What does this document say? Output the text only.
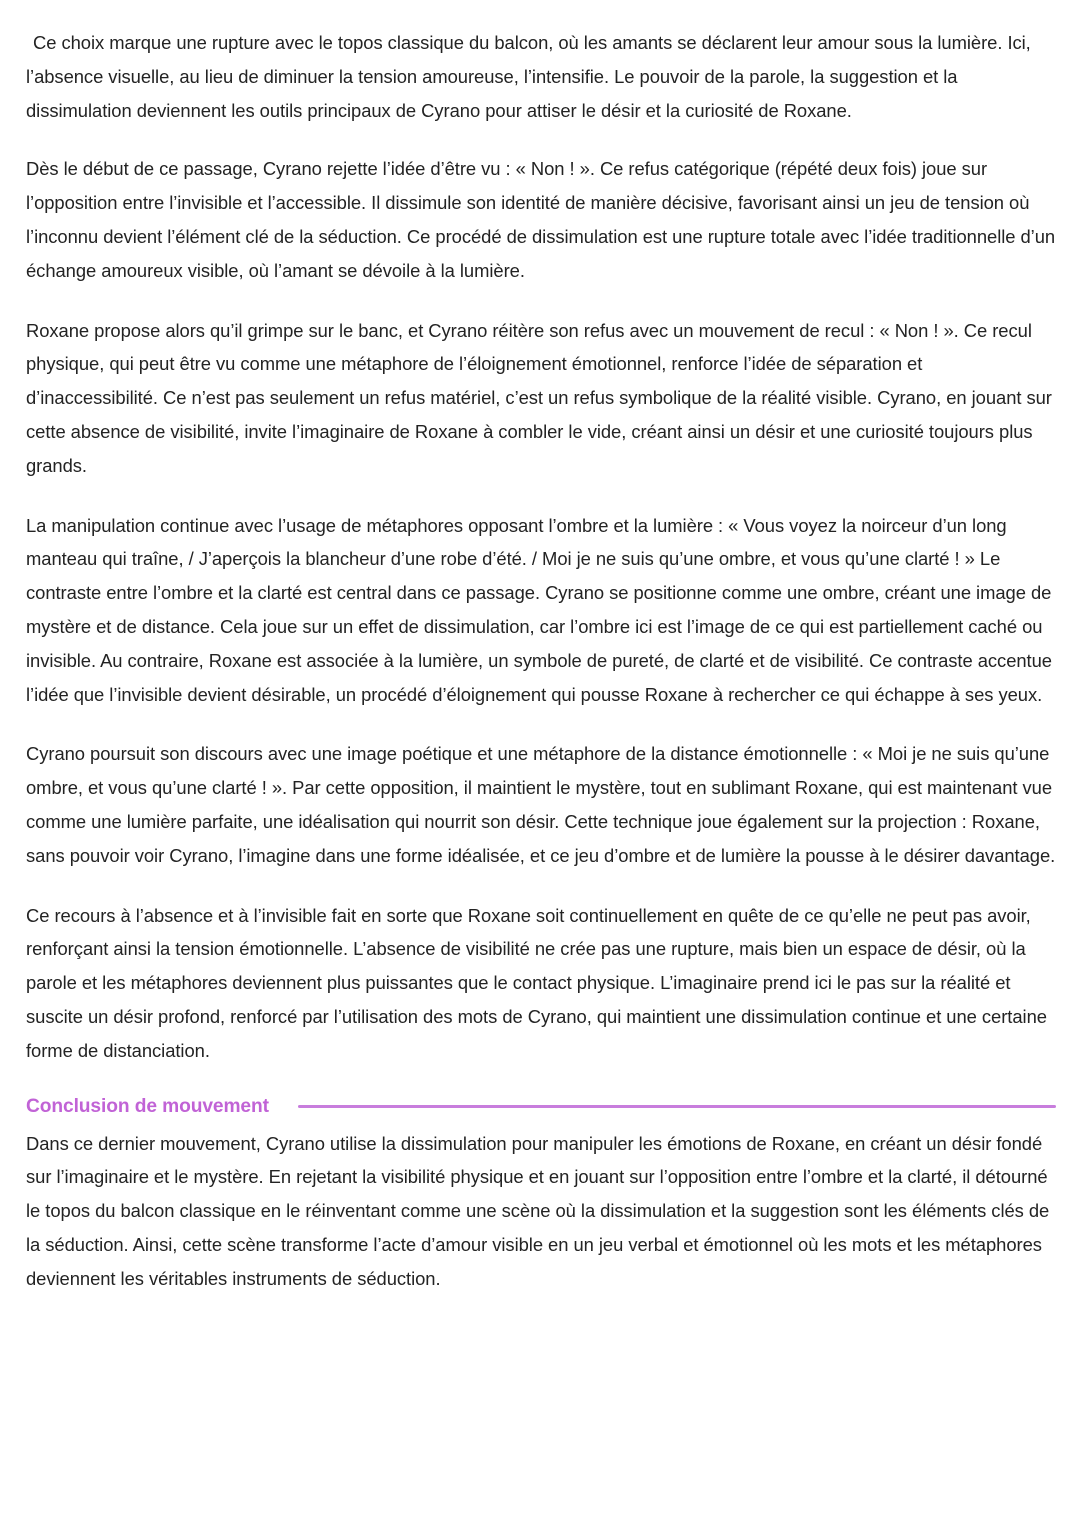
Ce choix marque une rupture avec le topos classique du balcon, où les amants se déclarent leur amour sous la lumière. Ici, l’absence visuelle, au lieu de diminuer la tension amoureuse, l’intensifie. Le pouvoir de la parole, la suggestion et la dissimulation deviennent les outils principaux de Cyrano pour attiser le désir et la curiosité de Roxane.

Dès le début de ce passage, Cyrano rejette l’idée d’être vu : « Non ! ». Ce refus catégorique (répété deux fois) joue sur l’opposition entre l’invisible et l’accessible. Il dissimule son identité de manière décisive, favorisant ainsi un jeu de tension où l’inconnu devient l’élément clé de la séduction. Ce procédé de dissimulation est une rupture totale avec l’idée traditionnelle d’un échange amoureux visible, où l’amant se dévoile à la lumière.

Roxane propose alors qu’il grimpe sur le banc, et Cyrano réitère son refus avec un mouvement de recul : « Non ! ». Ce recul physique, qui peut être vu comme une métaphore de l’éloignement émotionnel, renforce l’idée de séparation et d’inaccessibilité. Ce n’est pas seulement un refus matériel, c’est un refus symbolique de la réalité visible. Cyrano, en jouant sur cette absence de visibilité, invite l’imaginaire de Roxane à combler le vide, créant ainsi un désir et une curiosité toujours plus grands.

La manipulation continue avec l’usage de métaphores opposant l’ombre et la lumière : « Vous voyez la noirceur d’un long manteau qui traîne, / J’aperçois la blancheur d’une robe d’été. / Moi je ne suis qu’une ombre, et vous qu’une clarté ! » Le contraste entre l’ombre et la clarté est central dans ce passage. Cyrano se positionne comme une ombre, créant une image de mystère et de distance. Cela joue sur un effet de dissimulation, car l’ombre ici est l’image de ce qui est partiellement caché ou invisible. Au contraire, Roxane est associée à la lumière, un symbole de pureté, de clarté et de visibilité. Ce contraste accentue l’idée que l’invisible devient désirable, un procédé d’éloignement qui pousse Roxane à rechercher ce qui échappe à ses yeux.

Cyrano poursuit son discours avec une image poétique et une métaphore de la distance émotionnelle : « Moi je ne suis qu’une ombre, et vous qu’une clarté ! ». Par cette opposition, il maintient le mystère, tout en sublimant Roxane, qui est maintenant vue comme une lumière parfaite, une idéalisation qui nourrit son désir. Cette technique joue également sur la projection : Roxane, sans pouvoir voir Cyrano, l’imagine dans une forme idéalisée, et ce jeu d’ombre et de lumière la pousse à le désirer davantage.

Ce recours à l’absence et à l’invisible fait en sorte que Roxane soit continuellement en quête de ce qu’elle ne peut pas avoir, renforçant ainsi la tension émotionnelle. L’absence de visibilité ne crée pas une rupture, mais bien un espace de désir, où la parole et les métaphores deviennent plus puissantes que le contact physique. L’imaginaire prend ici le pas sur la réalité et suscite un désir profond, renforcé par l’utilisation des mots de Cyrano, qui maintient une dissimulation continue et une certaine forme de distanciation.

Conclusion de mouvement

Dans ce dernier mouvement, Cyrano utilise la dissimulation pour manipuler les émotions de Roxane, en créant un désir fondé sur l’imaginaire et le mystère. En rejetant la visibilité physique et en jouant sur l’opposition entre l’ombre et la clarté, il détourné le topos du balcon classique en le réinventant comme une scène où la dissimulation et la suggestion sont les éléments clés de la séduction. Ainsi, cette scène transforme l’acte d’amour visible en un jeu verbal et émotionnel où les mots et les métaphores deviennent les véritables instruments de séduction.
